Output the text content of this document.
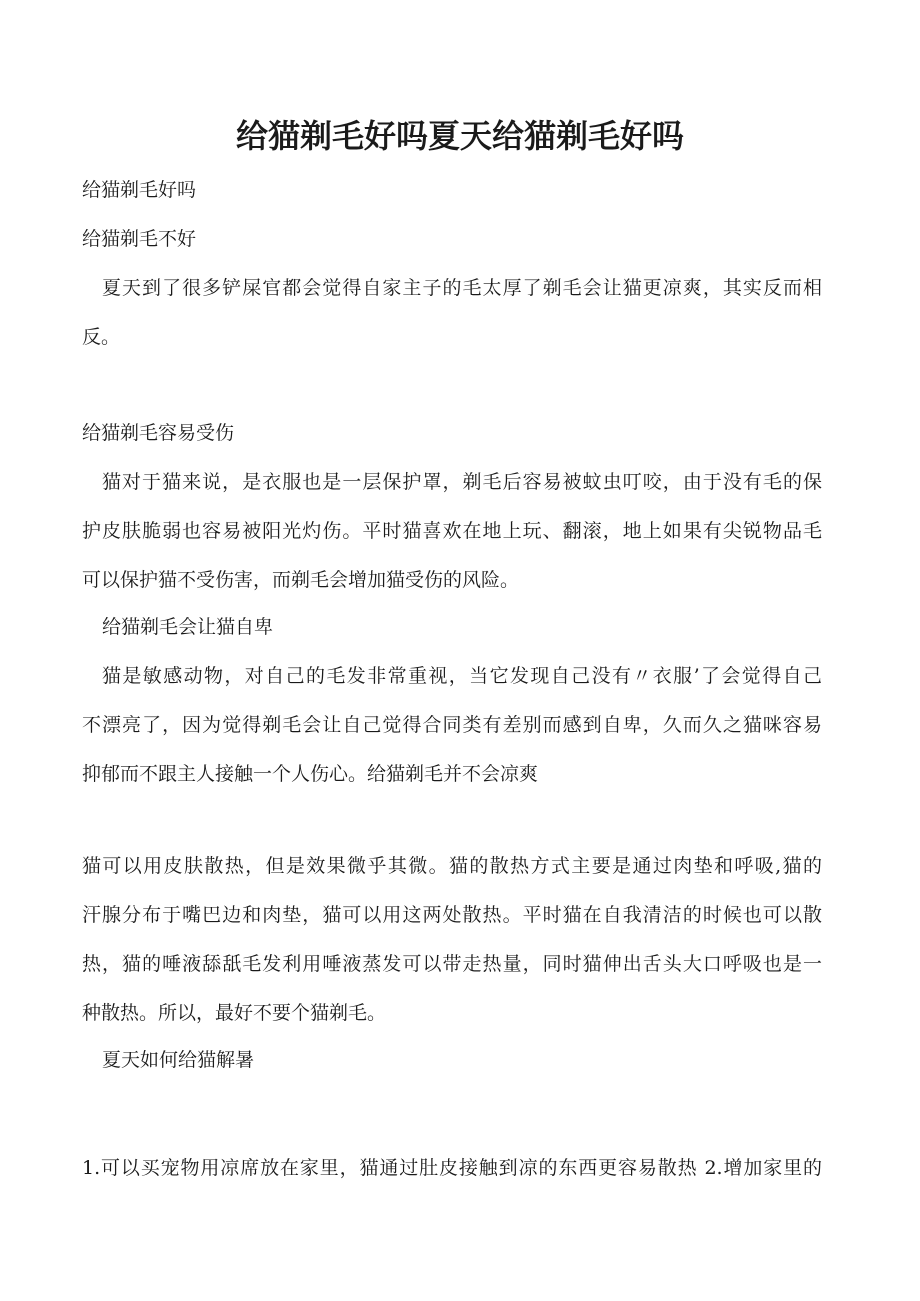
给猫剃毛好吗夏天给猫剃毛好吗

给猫剃毛好吗

给猫剃毛不好

夏天到了很多铲屎官都会觉得自家主子的毛太厚了剃毛会让猫更凉爽，其实反而相

反。

给猫剃毛容易受伤

猫对于猫来说，是衣服也是一层保护罩，剃毛后容易被蚊虫叮咬，由于没有毛的保

护皮肤脆弱也容易被阳光灼伤。平时猫喜欢在地上玩、翻滚，地上如果有尖锐物品毛

可以保护猫不受伤害，而剃毛会增加猫受伤的风险。

给猫剃毛会让猫自卑

猫是敏感动物，对自己的毛发非常重视，当它发现自己没有〃衣服’了会觉得自己

不漂亮了，因为觉得剃毛会让自己觉得合同类有差别而感到自卑，久而久之猫咪容易

抑郁而不跟主人接触一个人伤心。给猫剃毛并不会凉爽

猫可以用皮肤散热，但是效果微乎其微。猫的散热方式主要是通过肉垫和呼吸,猫的

汗腺分布于嘴巴边和肉垫，猫可以用这两处散热。平时猫在自我清洁的时候也可以散

热，猫的唾液舔舐毛发利用唾液蒸发可以带走热量，同时猫伸出舌头大口呼吸也是一

种散热。所以，最好不要个猫剃毛。

夏天如何给猫解暑

1.可以买宠物用凉席放在家里，猫通过肚皮接触到凉的东西更容易散热 2.增加家里的
